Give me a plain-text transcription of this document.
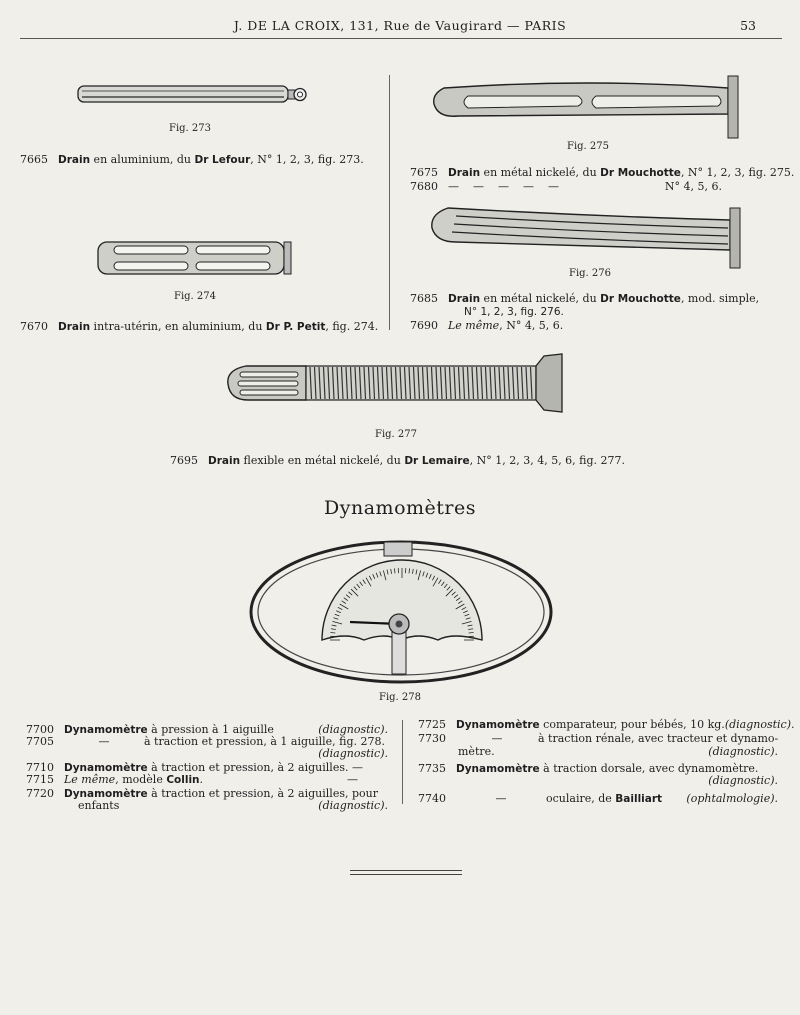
J. DE LA CROIX, 131, Rue de Vaugirard — PARIS	53
Fig. 273
7665 Drain en aluminium, du Dr Lefour, N° 1, 2, 3, fig. 273.
Fig. 274
7670 Drain intra-utérin, en aluminium, du Dr P. Petit, fig. 274.
Fig. 275
7675 Drain en métal nickelé, du Dr Mouchotte, N° 1, 2, 3, fig. 275.
7680 —    —    —    —    —	N° 4, 5, 6.
Fig. 276
7685 Drain en métal nickelé, du Dr Mouchotte, mod. simple,
N° 1, 2, 3, fig. 276.
7690 Le même, N° 4, 5, 6.
Fig. 277
7695 Drain flexible en métal nickelé, du Dr Lemaire, N° 1, 2, 3, 4, 5, 6, fig. 277.
Dynamomètres
Fig. 278
7700 Dynamomètre à pression à 1 aiguille	(diagnostic).
7705	—	à traction et pression, à 1 aiguille, fig. 278.
(diagnostic).
7710 Dynamomètre à traction et pression, à 2 aiguilles. —
7715 Le même, modèle Collin.	—
7720 Dynamomètre à traction et pression, à 2 aiguilles, pour
enfants	(diagnostic).
7725 Dynamomètre comparateur, pour bébés, 10 kg.(diagnostic).
7730	—	à traction rénale, avec tracteur et dynamo-
mètre.	(diagnostic).
7735 Dynamomètre à traction dorsale, avec dynamomètre.
(diagnostic).
7740	—	oculaire, de Bailliart (ophtalmologie).
